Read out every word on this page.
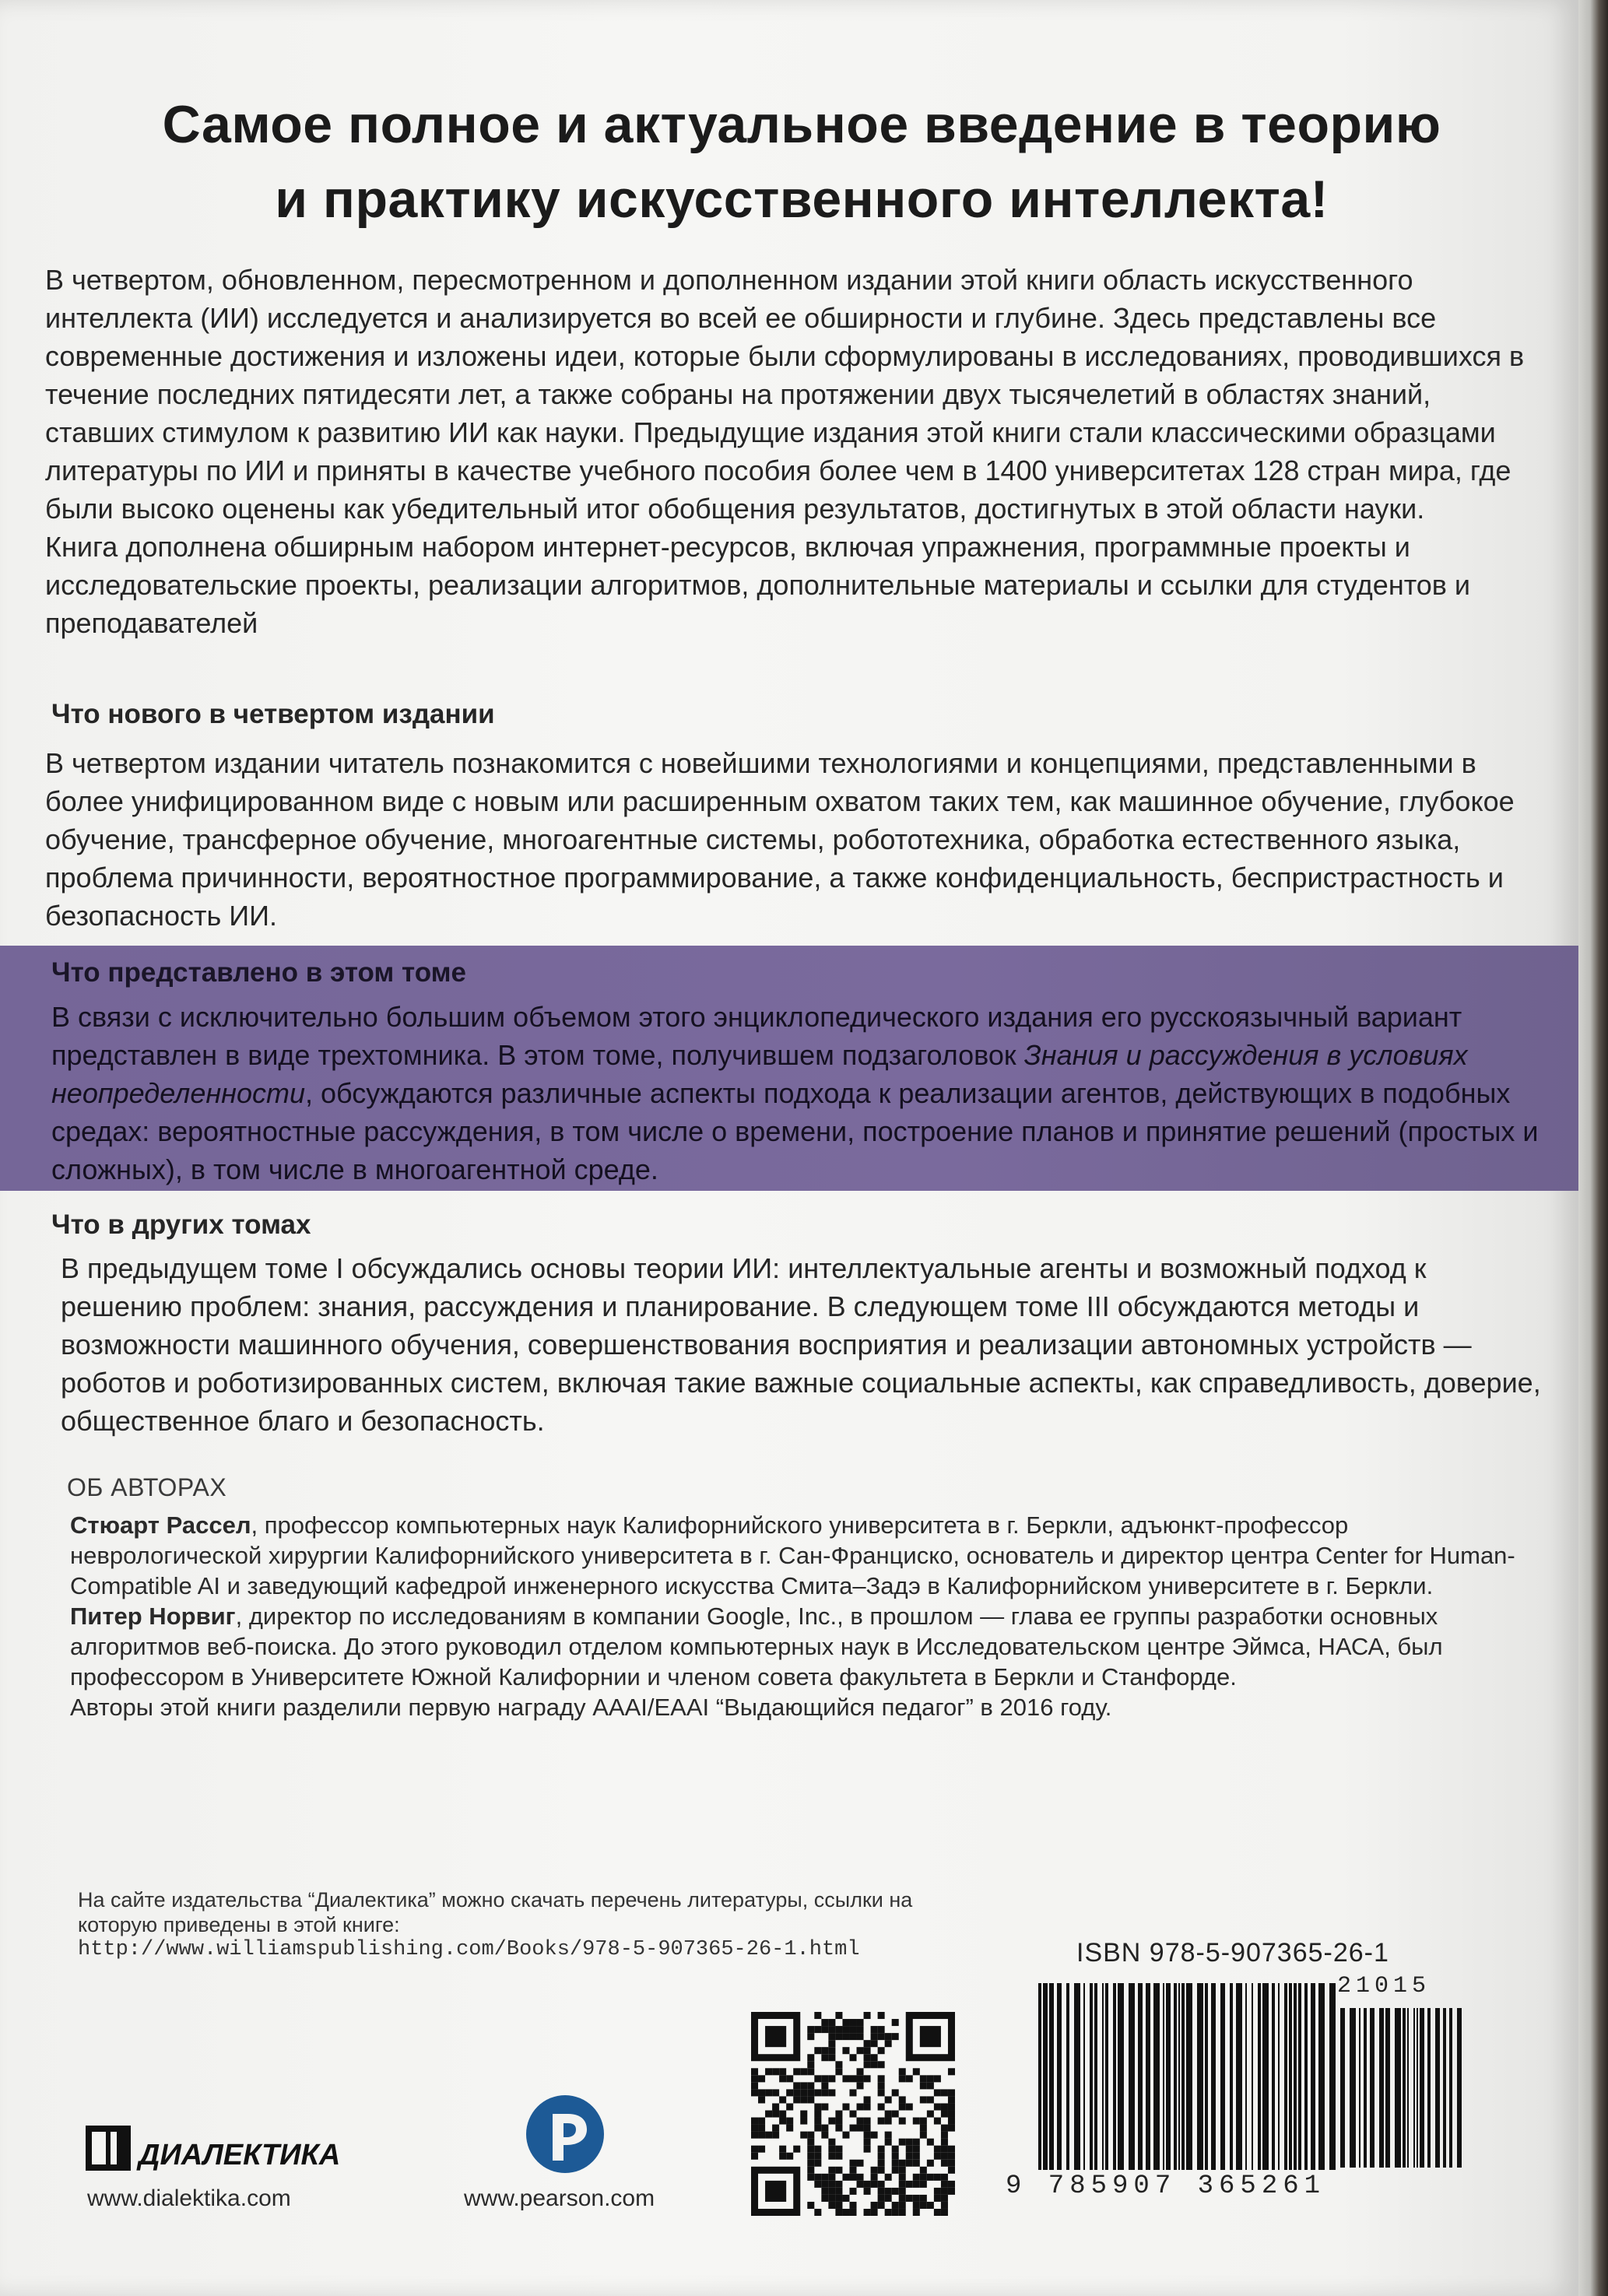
Самое полное и актуальное введение в теорию
и практику искусственного интеллекта!

В четвертом, обновленном, пересмотренном и дополненном издании этой книги область искусственного интеллекта (ИИ) исследуется и анализируется во всей ее обширности и глубине. Здесь представлены все современные достижения и изложены идеи, которые были сформулированы в исследованиях, проводившихся в течение последних пятидесяти лет, а также собраны на протяжении двух тысячелетий в областях знаний, ставших стимулом к развитию ИИ как науки. Предыдущие издания этой книги стали классическими образцами литературы по ИИ и приняты в качестве учебного пособия более чем в 1400 университетах 128 стран мира, где были высоко оценены как убедительный итог обобщения результатов, достигнутых в этой области науки.

Книга дополнена обширным набором интернет-ресурсов, включая упражнения, программные проекты и исследовательские проекты, реализации алгоритмов, дополнительные материалы и ссылки для студентов и преподавателей

Что нового в четвертом издании

В четвертом издании читатель познакомится с новейшими технологиями и концепциями, представленными в более унифицированном виде с новым или расширенным охватом таких тем, как машинное обучение, глубокое обучение, трансферное обучение, многоагентные системы, робототехника, обработка естественного языка, проблема причинности, вероятностное программирование, а также конфиденциальность, беспристрастность и безопасность ИИ.

Что представлено в этом томе

В связи с исключительно большим объемом этого энциклопедического издания его русскоязычный вариант представлен в виде трехтомника. В этом томе, получившем подзаголовок Знания и рассуждения в условиях неопределенности, обсуждаются различные аспекты подхода к реализации агентов, действующих в подобных средах: вероятностные рассуждения, в том числе о времени, построение планов и принятие решений (простых и сложных), в том числе в многоагентной среде.

Что в других томах

В предыдущем томе I обсуждались основы теории ИИ: интеллектуальные агенты и возможный подход к решению проблем: знания, рассуждения и планирование. В следующем томе III обсуждаются методы и возможности машинного обучения, совершенствования восприятия и реализации автономных устройств — роботов и роботизированных систем, включая такие важные социальные аспекты, как справедливость, доверие, общественное благо и безопасность.

ОБ АВТОРАХ

Стюарт Рассел, профессор компьютерных наук Калифорнийского университета в г. Беркли, адъюнкт-профессор неврологической хирургии Калифорнийского университета в г. Сан-Франциско, основатель и директор центра Center for Human-Compatible AI и заведующий кафедрой инженерного искусства Смита–Задэ в Калифорнийском университете в г. Беркли.

Питер Норвиг, директор по исследованиям в компании Google, Inc., в прошлом — глава ее группы разработки основных алгоритмов веб-поиска. До этого руководил отделом компьютерных наук в Исследовательском центре Эймса, НАСА, был профессором в Университете Южной Калифорнии и членом совета факультета в Беркли и Станфорде.

Авторы этой книги разделили первую награду AAAI/EAAI “Выдающийся педагог” в 2016 году.

На сайте издательства “Диалектика” можно скачать перечень литературы, ссылки на которую приведены в этой книге:
http://www.williamspublishing.com/Books/978-5-907365-26-1.html	ISBN 978-5-907365-26-1
21015
9 785907 365261
ДИАЛЕКТИКА
www.dialektika.com	www.pearson.com
